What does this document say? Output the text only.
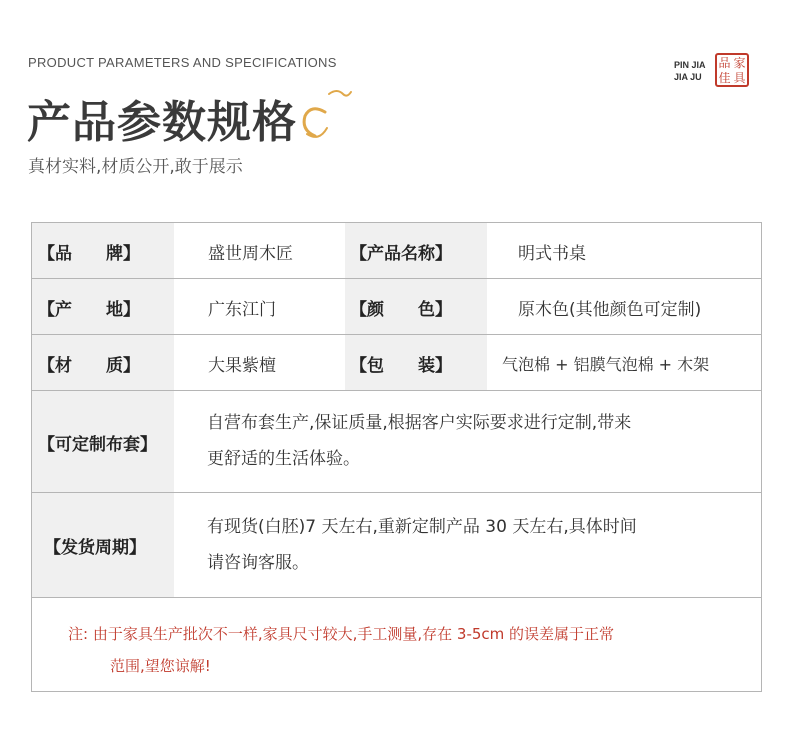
PRODUCT PARAMETERS AND SPECIFICATIONS
产品参数规格
真材实料,材质公开,敢于展示
PIN JIA
JIA JU
品 家
佳 具
【品　　牌】	盛世周木匠	【产品名称】	明式书桌
【产　　地】	广东江门	【颜　　色】	原木色(其他颜色可定制)
【材　　质】	大果紫檀	【包　　装】	气泡棉 + 铝膜气泡棉 + 木架
【可定制布套】
自营布套生产,保证质量,根据客户实际要求进行定制,带来
更舒适的生活体验。
【发货周期】
有现货(白胚)7 天左右,重新定制产品 30 天左右,具体时间
请咨询客服。
注: 由于家具生产批次不一样,家具尺寸较大,手工测量,存在 3-5cm 的误差属于正常
范围,望您谅解!
